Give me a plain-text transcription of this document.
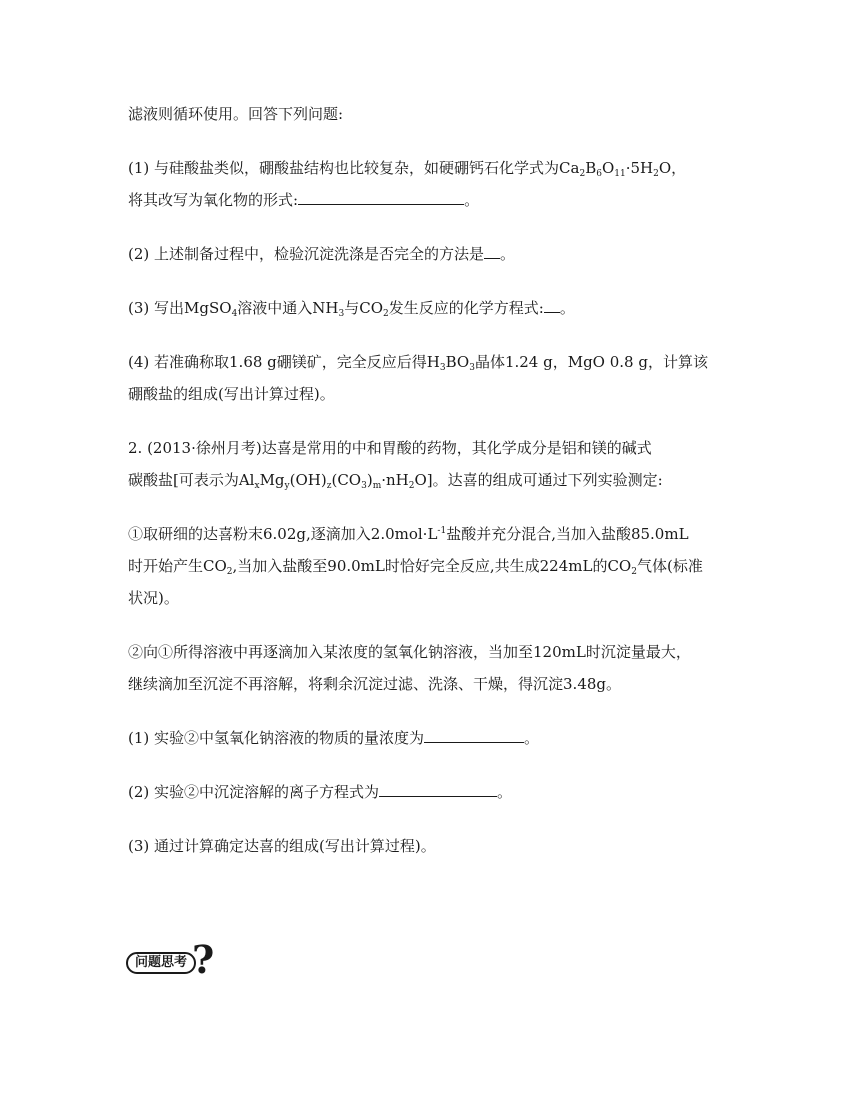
滤液则循环使用。回答下列问题:
(1) 与硅酸盐类似，硼酸盐结构也比较复杂，如硬硼钙石化学式为$Ca_2B_6O_{11}\cdot 5H_2O$，
将其改写为氧化物的形式:	。
(2) 上述制备过程中，检验沉淀洗涤是否完全的方法是 。
(3) 写出MgSO$_4$溶液中通入$NH_3$与$CO_2$发生反应的化学方程式: 。
(4) 若准确称取1.68 g硼镁矿，完全反应后得$H_3BO_3$晶体1.24 g，MgO 0.8 g，计算该
硼酸盐的组成(写出计算过程)。
2. (2013·徐州月考)达喜是常用的中和胃酸的药物，其化学成分是铝和镁的碱式
碳酸盐[可表示为$Al_xMg_y(OH)_z(CO_3)_m\cdot nH_2O$]。达喜的组成可通过下列实验测定:
①取研细的达喜粉末6.02g,逐滴加入$2.0mol\cdot L^{-1}$盐酸并充分混合,当加入盐酸85.0mL
时开始产生$CO_2$,当加入盐酸至90.0mL时恰好完全反应,共生成224mL的$CO_2$气体(标准
状况)。
②向①所得溶液中再逐滴加入某浓度的氢氧化钠溶液，当加至120mL时沉淀量最大，
继续滴加至沉淀不再溶解，将剩余沉淀过滤、洗涤、干燥，得沉淀3.48g。
(1) 实验②中氢氧化钠溶液的物质的量浓度为	。
(2) 实验②中沉淀溶解的离子方程式为	。
(3) 通过计算确定达喜的组成(写出计算过程)。
问题思考 ?
